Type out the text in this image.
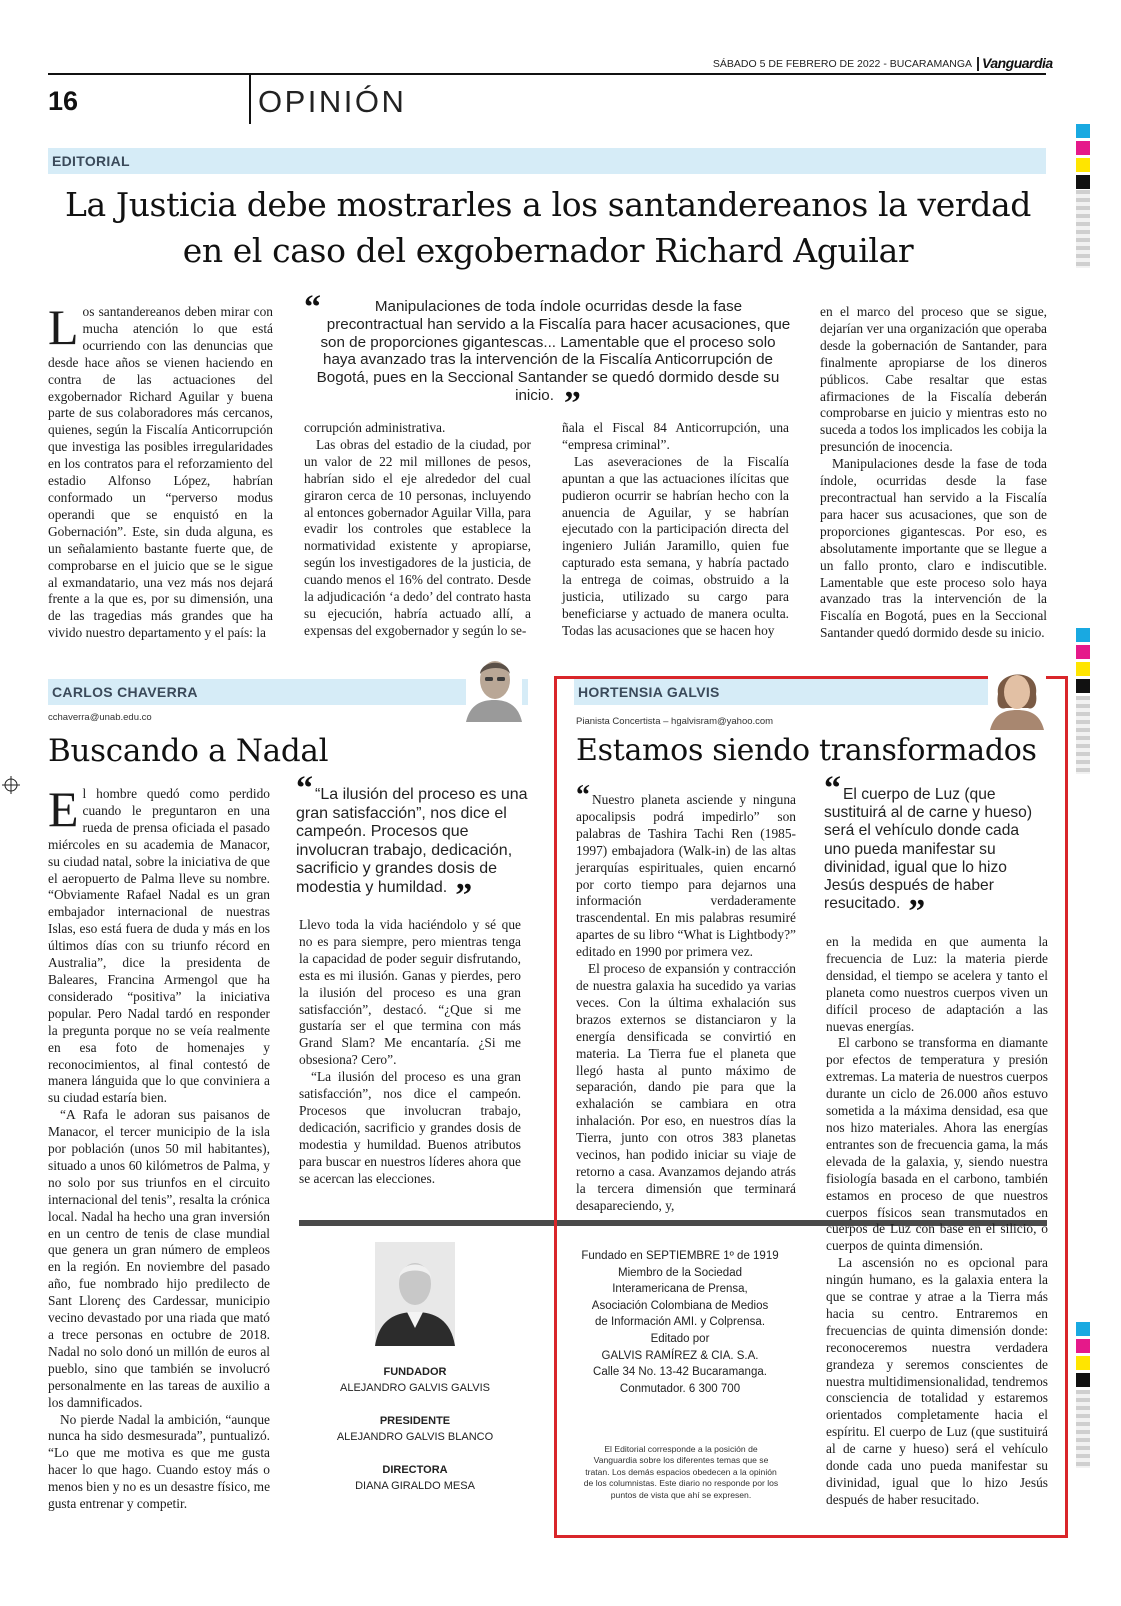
SÁBADO 5 DE FEBRERO DE 2022 - BUCARAMANGA Vanguardia
16	OPINIÓN
EDITORIAL
La Justicia debe mostrarles a los santandereanos la verdad
en el caso del exgobernador Richard Aguilar

Los santandereanos deben mirar con mucha atención lo que está ocurriendo con las denuncias que desde hace años se vienen haciendo en contra de las actuaciones del exgobernador Richard Aguilar y buena parte de sus colaboradores más cercanos, quienes, según la Fiscalía Anticorrupción que investiga las posibles irregularidades en los contratos para el reforzamiento del estadio Alfonso López, habrían conformado un “perverso modus operandi que se enquistó en la Gobernación”. Este, sin duda alguna, es un señalamiento bastante fuerte que, de comprobarse en el juicio que se le sigue al exmandatario, una vez más nos dejará frente a la que es, por su dimensión, una de las tragedias más grandes que ha vivido nuestro departamento y el país: la

“	Manipulaciones de toda índole ocurridas desde la fase precontractual han servido a la Fiscalía para hacer acusaciones, que son de proporciones gigantescas... Lamentable que el proceso solo haya avanzado tras la intervención de la Fiscalía Anticorrupción de Bogotá, pues en la Seccional Santander se quedó dormido desde su inicio. ”

corrupción administrativa.

Las obras del estadio de la ciudad, por un valor de 22 mil millones de pesos, habrían sido el eje alrededor del cual giraron cerca de 10 personas, incluyendo al entonces gobernador Aguilar Villa, para evadir los controles que establece la normatividad existente y apropiarse, según los investigadores de la justicia, de cuando menos el 16% del contrato. Desde la adjudicación ‘a dedo’ del contrato hasta su ejecución, habría actuado allí, a expensas del exgobernador y según lo se-

ñala el Fiscal 84 Anticorrupción, una “empresa criminal”.

Las aseveraciones de la Fiscalía apuntan a que las actuaciones ilícitas que pudieron ocurrir se habrían hecho con la anuencia de Aguilar, y se habrían ejecutado con la participación directa del ingeniero Julián Jaramillo, quien fue capturado esta semana, y habría pactado la entrega de coimas, obstruido a la justicia, utilizado su cargo para beneficiarse y actuado de manera oculta. Todas las acusaciones que se hacen hoy

en el marco del proceso que se sigue, dejarían ver una organización que operaba desde la gobernación de Santander, para finalmente apropiarse de los dineros públicos. Cabe resaltar que estas afirmaciones de la Fiscalía deberán comprobarse en juicio y mientras esto no suceda a todos los implicados les cobija la presunción de inocencia.

Manipulaciones desde la fase de toda índole, ocurridas desde la fase precontractual han servido a la Fiscalía para hacer sus acusaciones, que son de proporciones gigantescas. Por eso, es absolutamente importante que se llegue a un fallo pronto, claro e indiscutible. Lamentable que este proceso solo haya avanzado tras la intervención de la Fiscalía en Bogotá, pues en la Seccional Santander quedó dormido desde su inicio.

CARLOS CHAVERRA
cchaverra@unab.edu.co
Buscando a Nadal

El hombre quedó como perdido cuando le preguntaron en una rueda de prensa oficiada el pasado miércoles en su academia de Manacor, su ciudad natal, sobre la iniciativa de que el aeropuerto de Palma lleve su nombre. “Obviamente Rafael Nadal es un gran embajador internacional de nuestras Islas, eso está fuera de duda y más en los últimos días con su triunfo récord en Australia”, dice la presidenta de Baleares, Francina Armengol que ha considerado “positiva” la iniciativa popular. Pero Nadal tardó en responder la pregunta porque no se veía realmente en esa foto de homenajes y reconocimientos, al final contestó de manera lánguida que lo que conviniera a su ciudad estaría bien.

“A Rafa le adoran sus paisanos de Manacor, el tercer municipio de la isla por población (unos 50 mil habitantes), situado a unos 60 kilómetros de Palma, y no solo por sus triunfos en el circuito internacional del tenis”, resalta la crónica local. Nadal ha hecho una gran inversión en un centro de tenis de clase mundial que genera un gran número de empleos en la región. En noviembre del pasado año, fue nombrado hijo predilecto de Sant Llorenç des Cardessar, municipio vecino devastado por una riada que mató a trece personas en octubre de 2018. Nadal no solo donó un millón de euros al pueblo, sino que también se involucró personalmente en las tareas de auxilio a los damnificados.

No pierde Nadal la ambición, “aunque nunca ha sido desmesurada”, puntualizó. “Lo que me motiva es que me gusta hacer lo que hago. Cuando estoy más o menos bien y no es un desastre físico, me gusta entrenar y competir.

“ “La ilusión del proceso es una gran satisfacción”, nos dice el campeón. Procesos que involucran trabajo, dedicación, sacrificio y grandes dosis de modestia y humildad. ”

Llevo toda la vida haciéndolo y sé que no es para siempre, pero mientras tenga la capacidad de poder seguir disfrutando, esta es mi ilusión. Ganas y pierdes, pero la ilusión del proceso es una gran satisfacción”, destacó. “¿Que si me gustaría ser el que termina con más Grand Slam? Me encantaría. ¿Si me obsesiona? Cero”.

“La ilusión del proceso es una gran satisfacción”, nos dice el campeón. Procesos que involucran trabajo, dedicación, sacrificio y grandes dosis de modestia y humildad. Buenos atributos para buscar en nuestros líderes ahora que se acercan las elecciones.

FUNDADOR
ALEJANDRO GALVIS GALVIS
PRESIDENTE
ALEJANDRO GALVIS BLANCO
DIRECTORA
DIANA GIRALDO MESA
Fundado en SEPTIEMBRE 1º de 1919
Miembro de la Sociedad
Interamericana de Prensa,
Asociación Colombiana de Medios
de Información AMI. y Colprensa.
Editado por
GALVIS RAMÍREZ & CIA. S.A.
Calle 34 No. 13-42 Bucaramanga.
Conmutador. 6 300 700
El Editorial corresponde a la posición de Vanguardia sobre los diferentes temas que se tratan. Los demás espacios obedecen a la opinión de los columnistas. Este diario no responde por los puntos de vista que ahí se expresen.
HORTENSIA GALVIS
Pianista Concertista – hgalvisram@yahoo.com
Estamos siendo transformados

“ Nuestro planeta asciende y ninguna apocalipsis podrá impedirlo” son palabras de Tashira Tachi Ren (1985-1997) embajadora (Walk-in) de las altas jerarquías espirituales, quien encarnó por corto tiempo para dejarnos una información verdaderamente trascendental. En mis palabras resumiré apartes de su libro “What is Lightbody?” editado en 1990 por primera vez.

El proceso de expansión y contracción de nuestra galaxia ha sucedido ya varias veces. Con la última exhalación sus brazos externos se distanciaron y la energía densificada se convirtió en materia. La Tierra fue el planeta que llegó hasta al punto máximo de separación, dando pie para que la exhalación se cambiara en otra inhalación. Por eso, en nuestros días la Tierra, junto con otros 383 planetas vecinos, han podido iniciar su viaje de retorno a casa. Avanzamos dejando atrás la tercera dimensión que terminará desapareciendo, y,

“ El cuerpo de Luz (que sustituirá al de carne y hueso) será el vehículo donde cada uno pueda manifestar su divinidad, igual que lo hizo Jesús después de haber resucitado. ”

en la medida en que aumenta la frecuencia de Luz: la materia pierde densidad, el tiempo se acelera y tanto el planeta como nuestros cuerpos viven un difícil proceso de adaptación a las nuevas energías.

El carbono se transforma en diamante por efectos de temperatura y presión extremas. La materia de nuestros cuerpos durante un ciclo de 26.000 años estuvo sometida a la máxima densidad, esa que nos hizo materiales. Ahora las energías entrantes son de frecuencia gama, la más elevada de la galaxia, y, siendo nuestra fisiología basada en el carbono, también estamos en proceso de que nuestros cuerpos físicos sean transmutados en cuerpos de Luz con base en el silicio, o cuerpos de quinta dimensión.

La ascensión no es opcional para ningún humano, es la galaxia entera la que se contrae y atrae a la Tierra más hacia su centro. Entraremos en frecuencias de quinta dimensión donde: reconoceremos nuestra verdadera grandeza y seremos conscientes de nuestra multidimensionalidad, tendremos consciencia de totalidad y estaremos orientados completamente hacia el espíritu. El cuerpo de Luz (que sustituirá al de carne y hueso) será el vehículo donde cada uno pueda manifestar su divinidad, igual que lo hizo Jesús después de haber resucitado.
